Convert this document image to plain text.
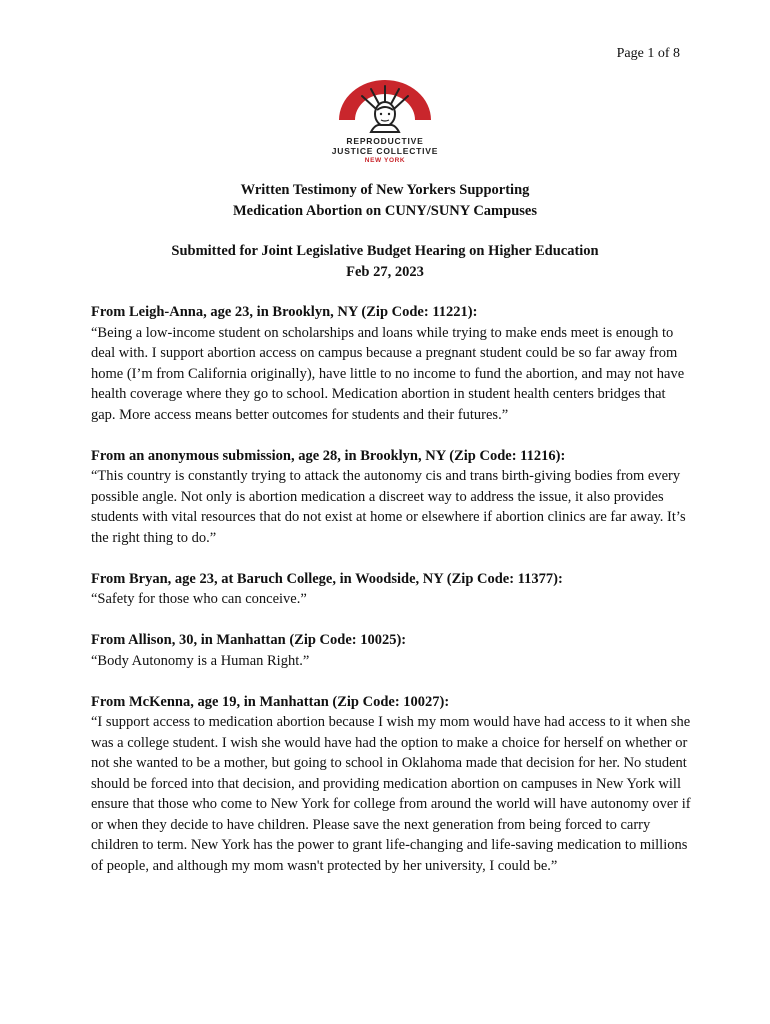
Page 1 of 8
REPRODUCTIVE
JUSTICE COLLECTIVE
NEW YORK
Written Testimony of New Yorkers Supporting
Medication Abortion on CUNY/SUNY Campuses
Submitted for Joint Legislative Budget Hearing on Higher Education
Feb 27, 2023
From Leigh-Anna, age 23, in Brooklyn, NY (Zip Code: 11221):
“Being a low-income student on scholarships and loans while trying to make ends meet is enough to deal with. I support abortion access on campus because a pregnant student could be so far away from home (I’m from California originally), have little to no income to fund the abortion, and may not have health coverage where they go to school. Medication abortion in student health centers bridges that gap. More access means better outcomes for students and their futures.”
From an anonymous submission, age 28, in Brooklyn, NY (Zip Code: 11216):
“This country is constantly trying to attack the autonomy cis and trans birth-giving bodies from every possible angle. Not only is abortion medication a discreet way to address the issue, it also provides students with vital resources that do not exist at home or elsewhere if abortion clinics are far away. It’s the right thing to do.”
From Bryan, age 23, at Baruch College, in Woodside, NY (Zip Code: 11377):
“Safety for those who can conceive.”
From Allison, 30, in Manhattan (Zip Code: 10025):
“Body Autonomy is a Human Right.”
From McKenna, age 19, in Manhattan (Zip Code: 10027):
“I support access to medication abortion because I wish my mom would have had access to it when she was a college student. I wish she would have had the option to make a choice for herself on whether or not she wanted to be a mother, but going to school in Oklahoma made that decision for her. No student should be forced into that decision, and providing medication abortion on campuses in New York will ensure that those who come to New York for college from around the world will have autonomy over if or when they decide to have children. Please save the next generation from being forced to carry children to term. New York has the power to grant life-changing and life-saving medication to millions of people, and although my mom wasn't protected by her university, I could be.”
